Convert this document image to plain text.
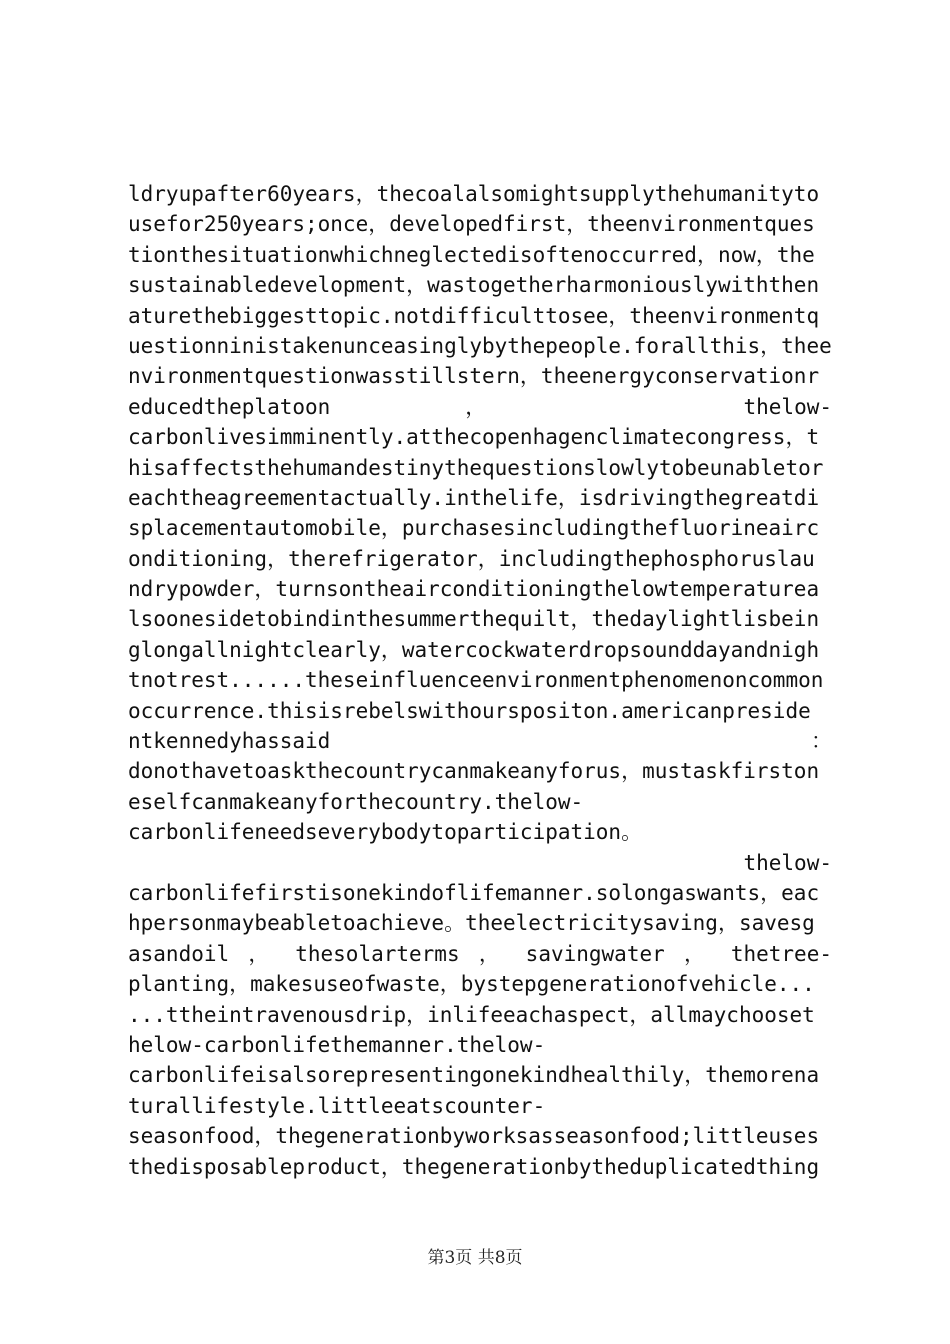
ldryupafter60years，thecoalalsomightsupplythehumanityto
usefor250years;once，developedfirst，theenvironmentques
tionthesituationwhichneglectedisoftenoccurred，now，the
sustainabledevelopment，wastogetherharmoniouslywiththen
aturethebiggesttopic.notdifficulttosee，theenvironmentq
uestionninistakenunceasinglybythepeople.forallthis，thee
nvironmentquestionwasstillstern，theenergyconservationr
educedtheplatoon ， thelow-
carbonlivesimminently.atthecopenhagenclimatecongress，t
hisaffectsthehumandestinythequestionslowlytobeunabletor
eachtheagreementactually.inthelife，isdrivingthegreatdi
splacementautomobile，purchasesincludingthefluorineairc
onditioning，therefrigerator，includingthephosphoruslau
ndrypowder，turnsontheairconditioningthelowtemperaturea
lsoonesidetobindinthesummerthequilt，thedaylightlisbein
glongallnightclearly，watercockwaterdropsounddayandnigh
tnotrest......theseinfluenceenvironmentphenomenoncommon
occurrence.thisisrebelswithourspositon.americanpreside
ntkennedyhassaid ：
donothavetoaskthecountrycanmakeanyforus，mustaskfirston
eselfcanmakeanyforthecountry.thelow-
carbonlifeneedseverybodytoparticipation。
thelow-
carbonlifefirstisonekindoflifemanner.solongaswants，eac
hpersonmaybeabletoachieve。theelectricitysaving，savesg
asandoil ， thesolarterms ， savingwater ， thetree-
planting，makesuseofwaste，bystepgenerationofvehicle...
...ttheintravenousdrip，inlifeeachaspect，allmaychooset
helow-carbonlifethemanner.thelow-
carbonlifeisalsorepresentingonekindhealthily，themorena
turallifestyle.littleeatscounter-
seasonfood，thegenerationbyworksasseasonfood;littleuses
thedisposableproduct，thegenerationbytheduplicatedthing
第3页 共8页
